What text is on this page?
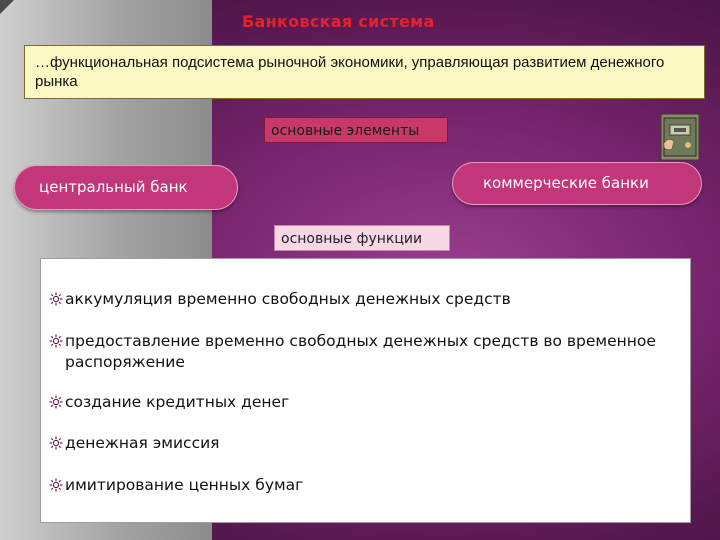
Банковская система
…функциональная подсистема рыночной экономики, управляющая развитием денежного рынка
основные элементы
центральный банк	коммерческие банки
основные функции
аккумуляция временно свободных денежных средств
предоставление временно свободных денежных средств во временное распоряжение
создание кредитных денег
денежная эмиссия
имитирование ценных бумаг
